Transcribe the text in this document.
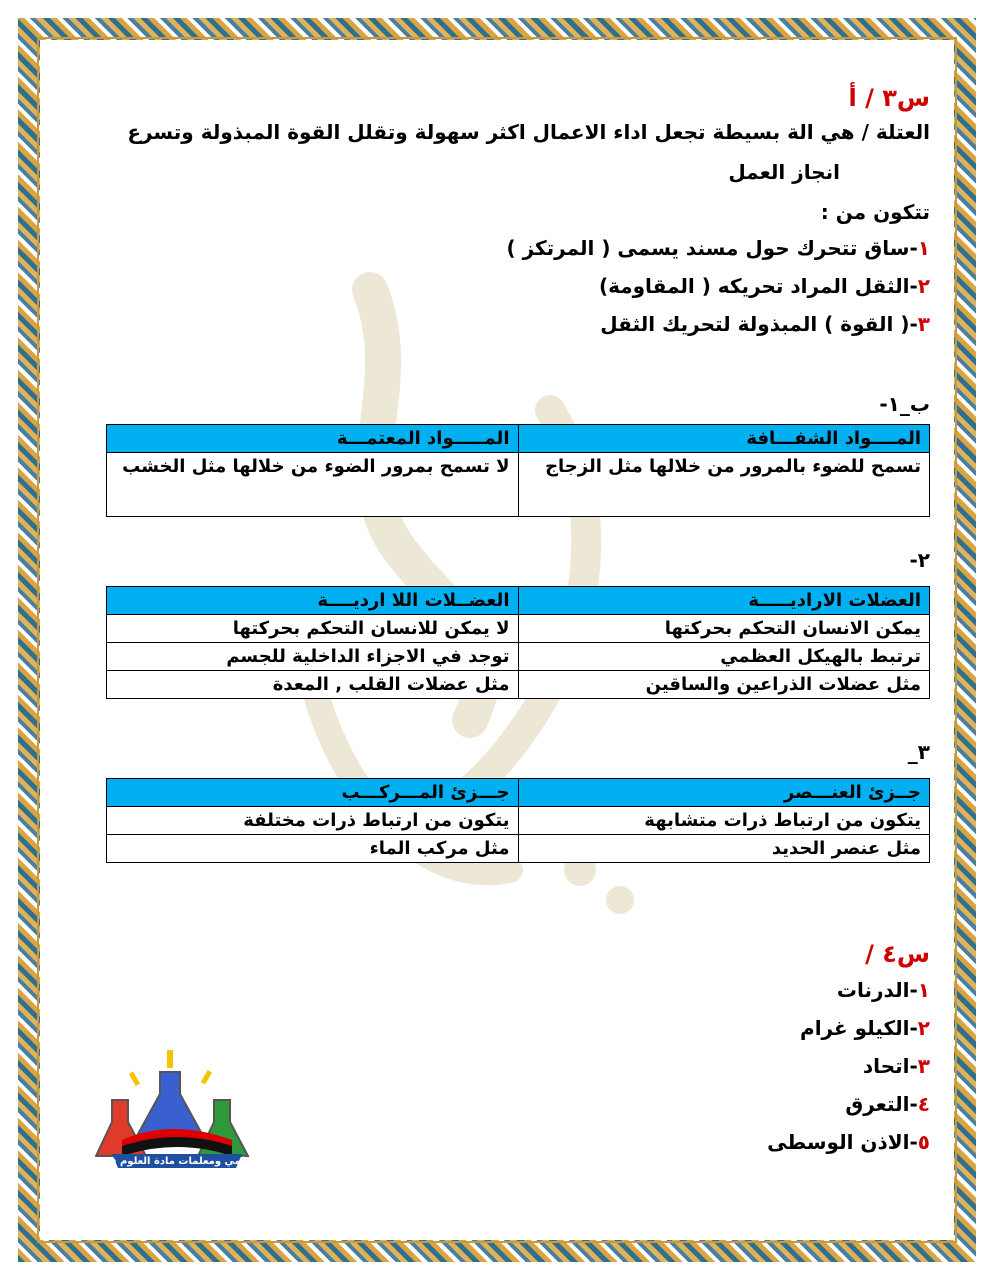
س٣ / أ

العتلة / هي الة بسيطة تجعل اداء الاعمال اكثر سهولة وتقلل القوة المبذولة وتسرع

انجاز العمل

تتكون من :

١-ساق تتحرك حول مسند يسمى ( المرتكز )

٢-الثقل المراد تحريكه ( المقاومة)

٣-( القوة ) المبذولة لتحريك الثقل

ب_١-

المــــواد الشفـــافة	المـــــواد المعتمـــة
تسمح للضوء بالمرور من خلالها مثل الزجاج	لا تسمح بمرور الضوء من خلالها مثل الخشب

٢-

العضلات الارادیـــــة	العضــلات اللا اردیــــة
یمكن الانسان التحكم بحركتها	لا یمكن للانسان التحكم بحركتها
ترتبط بالھیكل العظمي	توجد في الاجزاء الداخلیة للجسم
مثل عضلات الذراعین والساقین	مثل عضلات القلب , المعدة

٣_

جــزئ العنـــصر	جـــزئ المـــركـــب
یتكون من ارتباط ذرات متشابھة	یتكون من ارتباط ذرات مختلفة
مثل عنصر الحدید	مثل مركب الماء

س٤ /

١-الدرنات

٢-الكيلو غرام

٣-اتحاد

٤-التعرق

٥-الاذن الوسطى

كروب معلمي ومعلمات مادة العلوم في العراق
